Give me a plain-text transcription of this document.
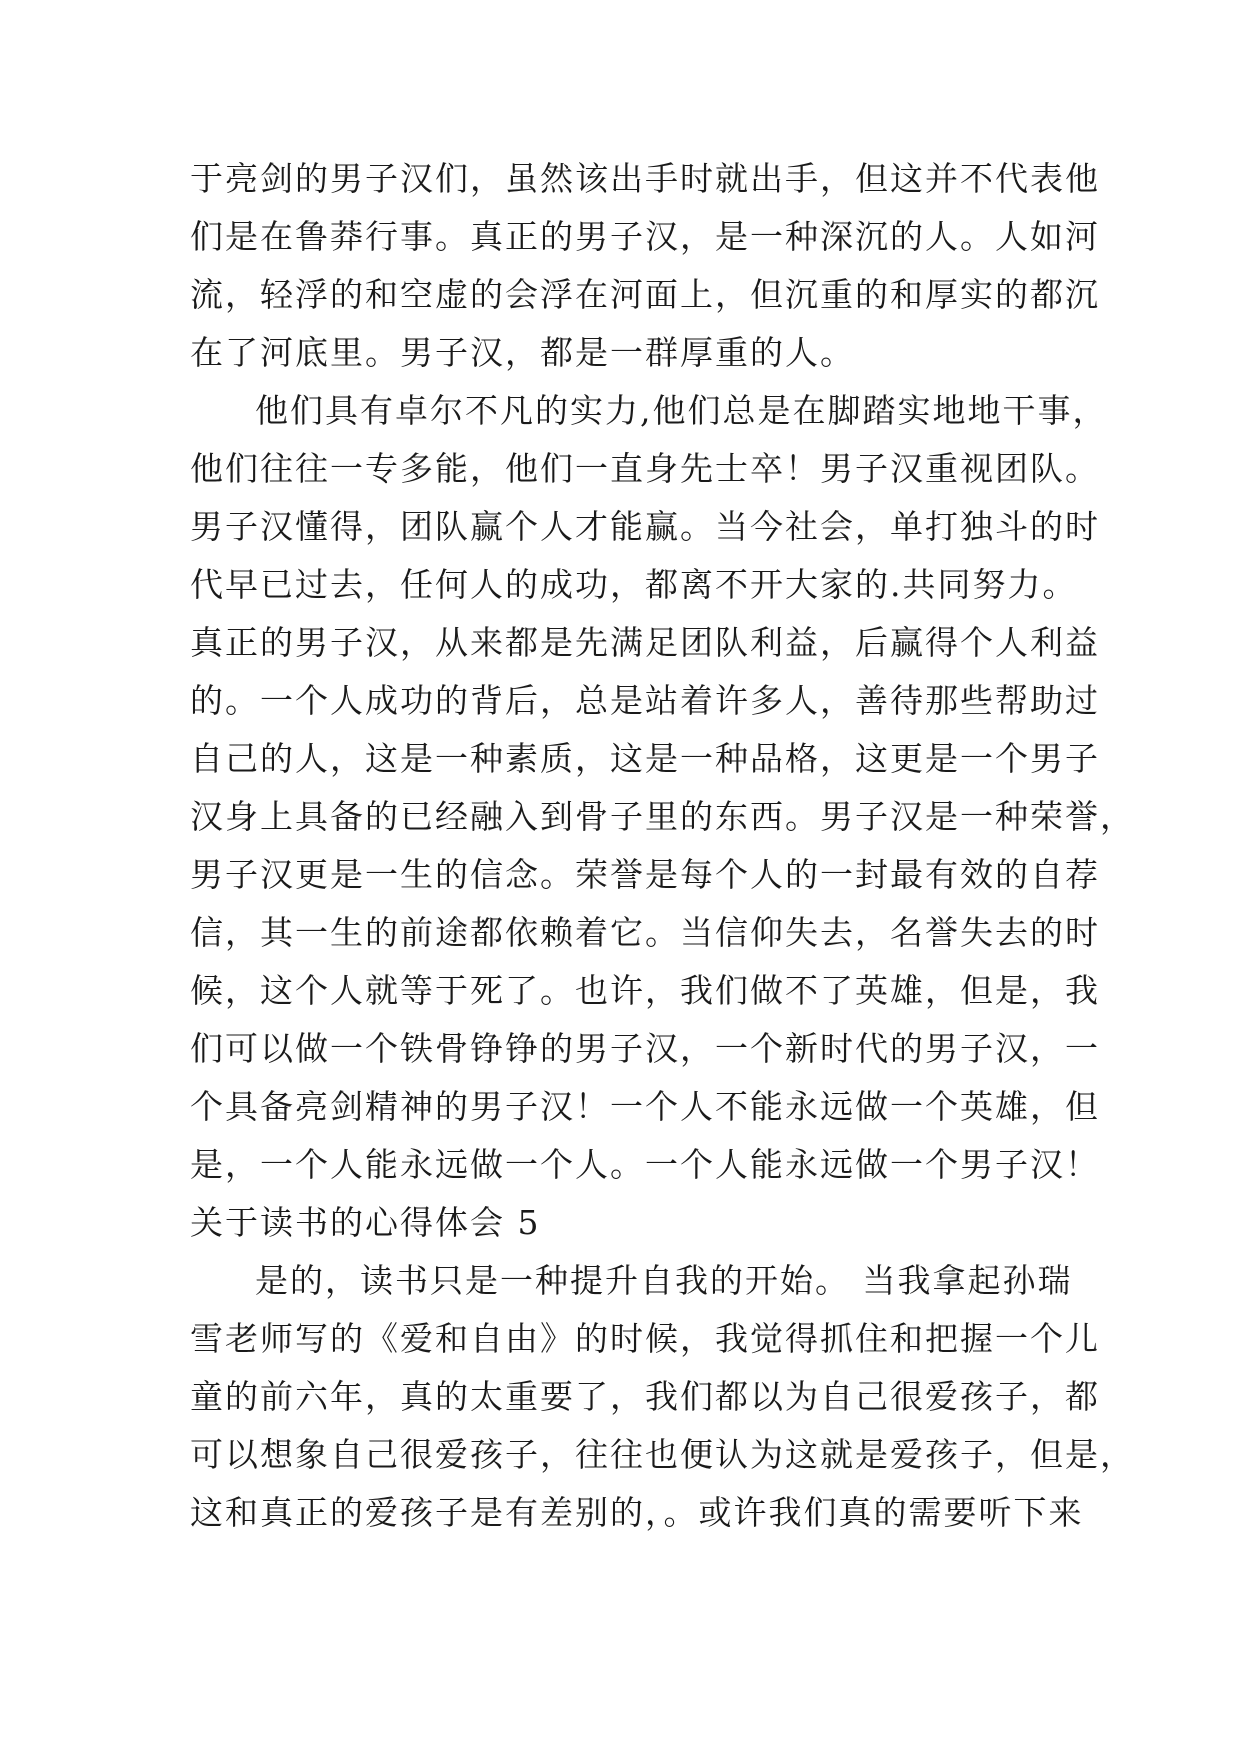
于亮剑的男子汉们，虽然该出手时就出手，但这并不代表他
们是在鲁莽行事。真正的男子汉，是一种深沉的人。人如河
流，轻浮的和空虚的会浮在河面上，但沉重的和厚实的都沉
在了河底里。男子汉，都是一群厚重的人。
他们具有卓尔不凡的实力,他们总是在脚踏实地地干事，
他们往往一专多能，他们一直身先士卒！男子汉重视团队。
男子汉懂得，团队赢个人才能赢。当今社会，单打独斗的时
代早已过去，任何人的成功，都离不开大家的.共同努力。
真正的男子汉，从来都是先满足团队利益，后赢得个人利益
的。一个人成功的背后，总是站着许多人，善待那些帮助过
自己的人，这是一种素质，这是一种品格，这更是一个男子
汉身上具备的已经融入到骨子里的东西。男子汉是一种荣誉，
男子汉更是一生的信念。荣誉是每个人的一封最有效的自荐
信，其一生的前途都依赖着它。当信仰失去，名誉失去的时
候，这个人就等于死了。也许，我们做不了英雄，但是，我
们可以做一个铁骨铮铮的男子汉，一个新时代的男子汉，一
个具备亮剑精神的男子汉！一个人不能永远做一个英雄，但
是，一个人能永远做一个人。一个人能永远做一个男子汉！
关于读书的心得体会 5
是的，读书只是一种提升自我的开始。 当我拿起孙瑞
雪老师写的《爱和自由》的时候，我觉得抓住和把握一个儿
童的前六年，真的太重要了，我们都以为自己很爱孩子，都
可以想象自己很爱孩子，往往也便认为这就是爱孩子，但是，
这和真正的爱孩子是有差别的，。或许我们真的需要听下来
